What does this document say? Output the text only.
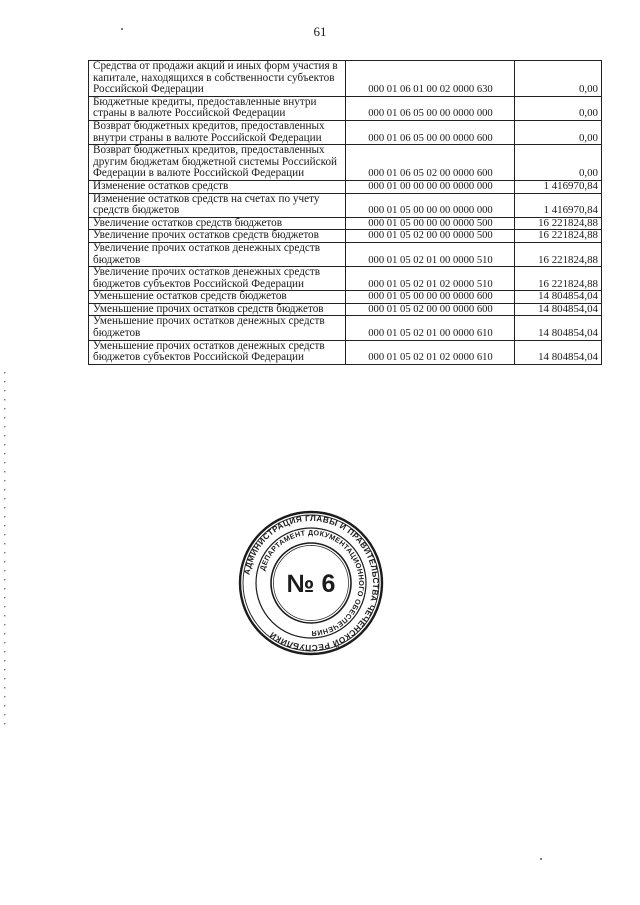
61
Средства от продажи акций и иных форм участия в капитале, находящихся в собственности субъектов Российской Федерации	000 01 06 01 00 02 0000 630	0,00
Бюджетные кредиты, предоставленные внутри страны в валюте Российской Федерации	000 01 06 05 00 00 0000 000	0,00
Возврат бюджетных кредитов, предоставленных внутри страны в валюте Российской Федерации	000 01 06 05 00 00 0000 600	0,00
Возврат бюджетных кредитов, предоставленных другим бюджетам бюджетной системы Российской Федерации в валюте Российской Федерации	000 01 06 05 02 00 0000 600	0,00
Изменение остатков средств	000 01 00 00 00 00 0000 000	1 416970,84
Изменение остатков средств на счетах по учету средств бюджетов	000 01 05 00 00 00 0000 000	1 416970,84
Увеличение остатков средств бюджетов	000 01 05 00 00 00 0000 500	16 221824,88
Увеличение прочих остатков средств бюджетов	000 01 05 02 00 00 0000 500	16 221824,88
Увеличение прочих остатков денежных средств бюджетов	000 01 05 02 01 00 0000 510	16 221824,88
Увеличение прочих остатков денежных средств бюджетов субъектов Российской Федерации	000 01 05 02 01 02 0000 510	16 221824,88
Уменьшение остатков средств бюджетов	000 01 05 00 00 00 0000 600	14 804854,04
Уменьшение прочих остатков средств бюджетов	000 01 05 02 00 00 0000 600	14 804854,04
Уменьшение прочих остатков денежных средств бюджетов	000 01 05 02 01 00 0000 610	14 804854,04
Уменьшение прочих остатков денежных средств бюджетов субъектов Российской Федерации	000 01 05 02 01 02 0000 610	14 804854,04
АДМИНИСТРАЦИЯ ГЛАВЫ И ПРАВИТЕЛЬСТВА ЧЕЧЕНСКОЙ РЕСПУБЛИКИ
ДЕПАРТАМЕНТ ДОКУМЕНТАЦИОННОГО ОБЕСПЕЧЕНИЯ
№ 6
